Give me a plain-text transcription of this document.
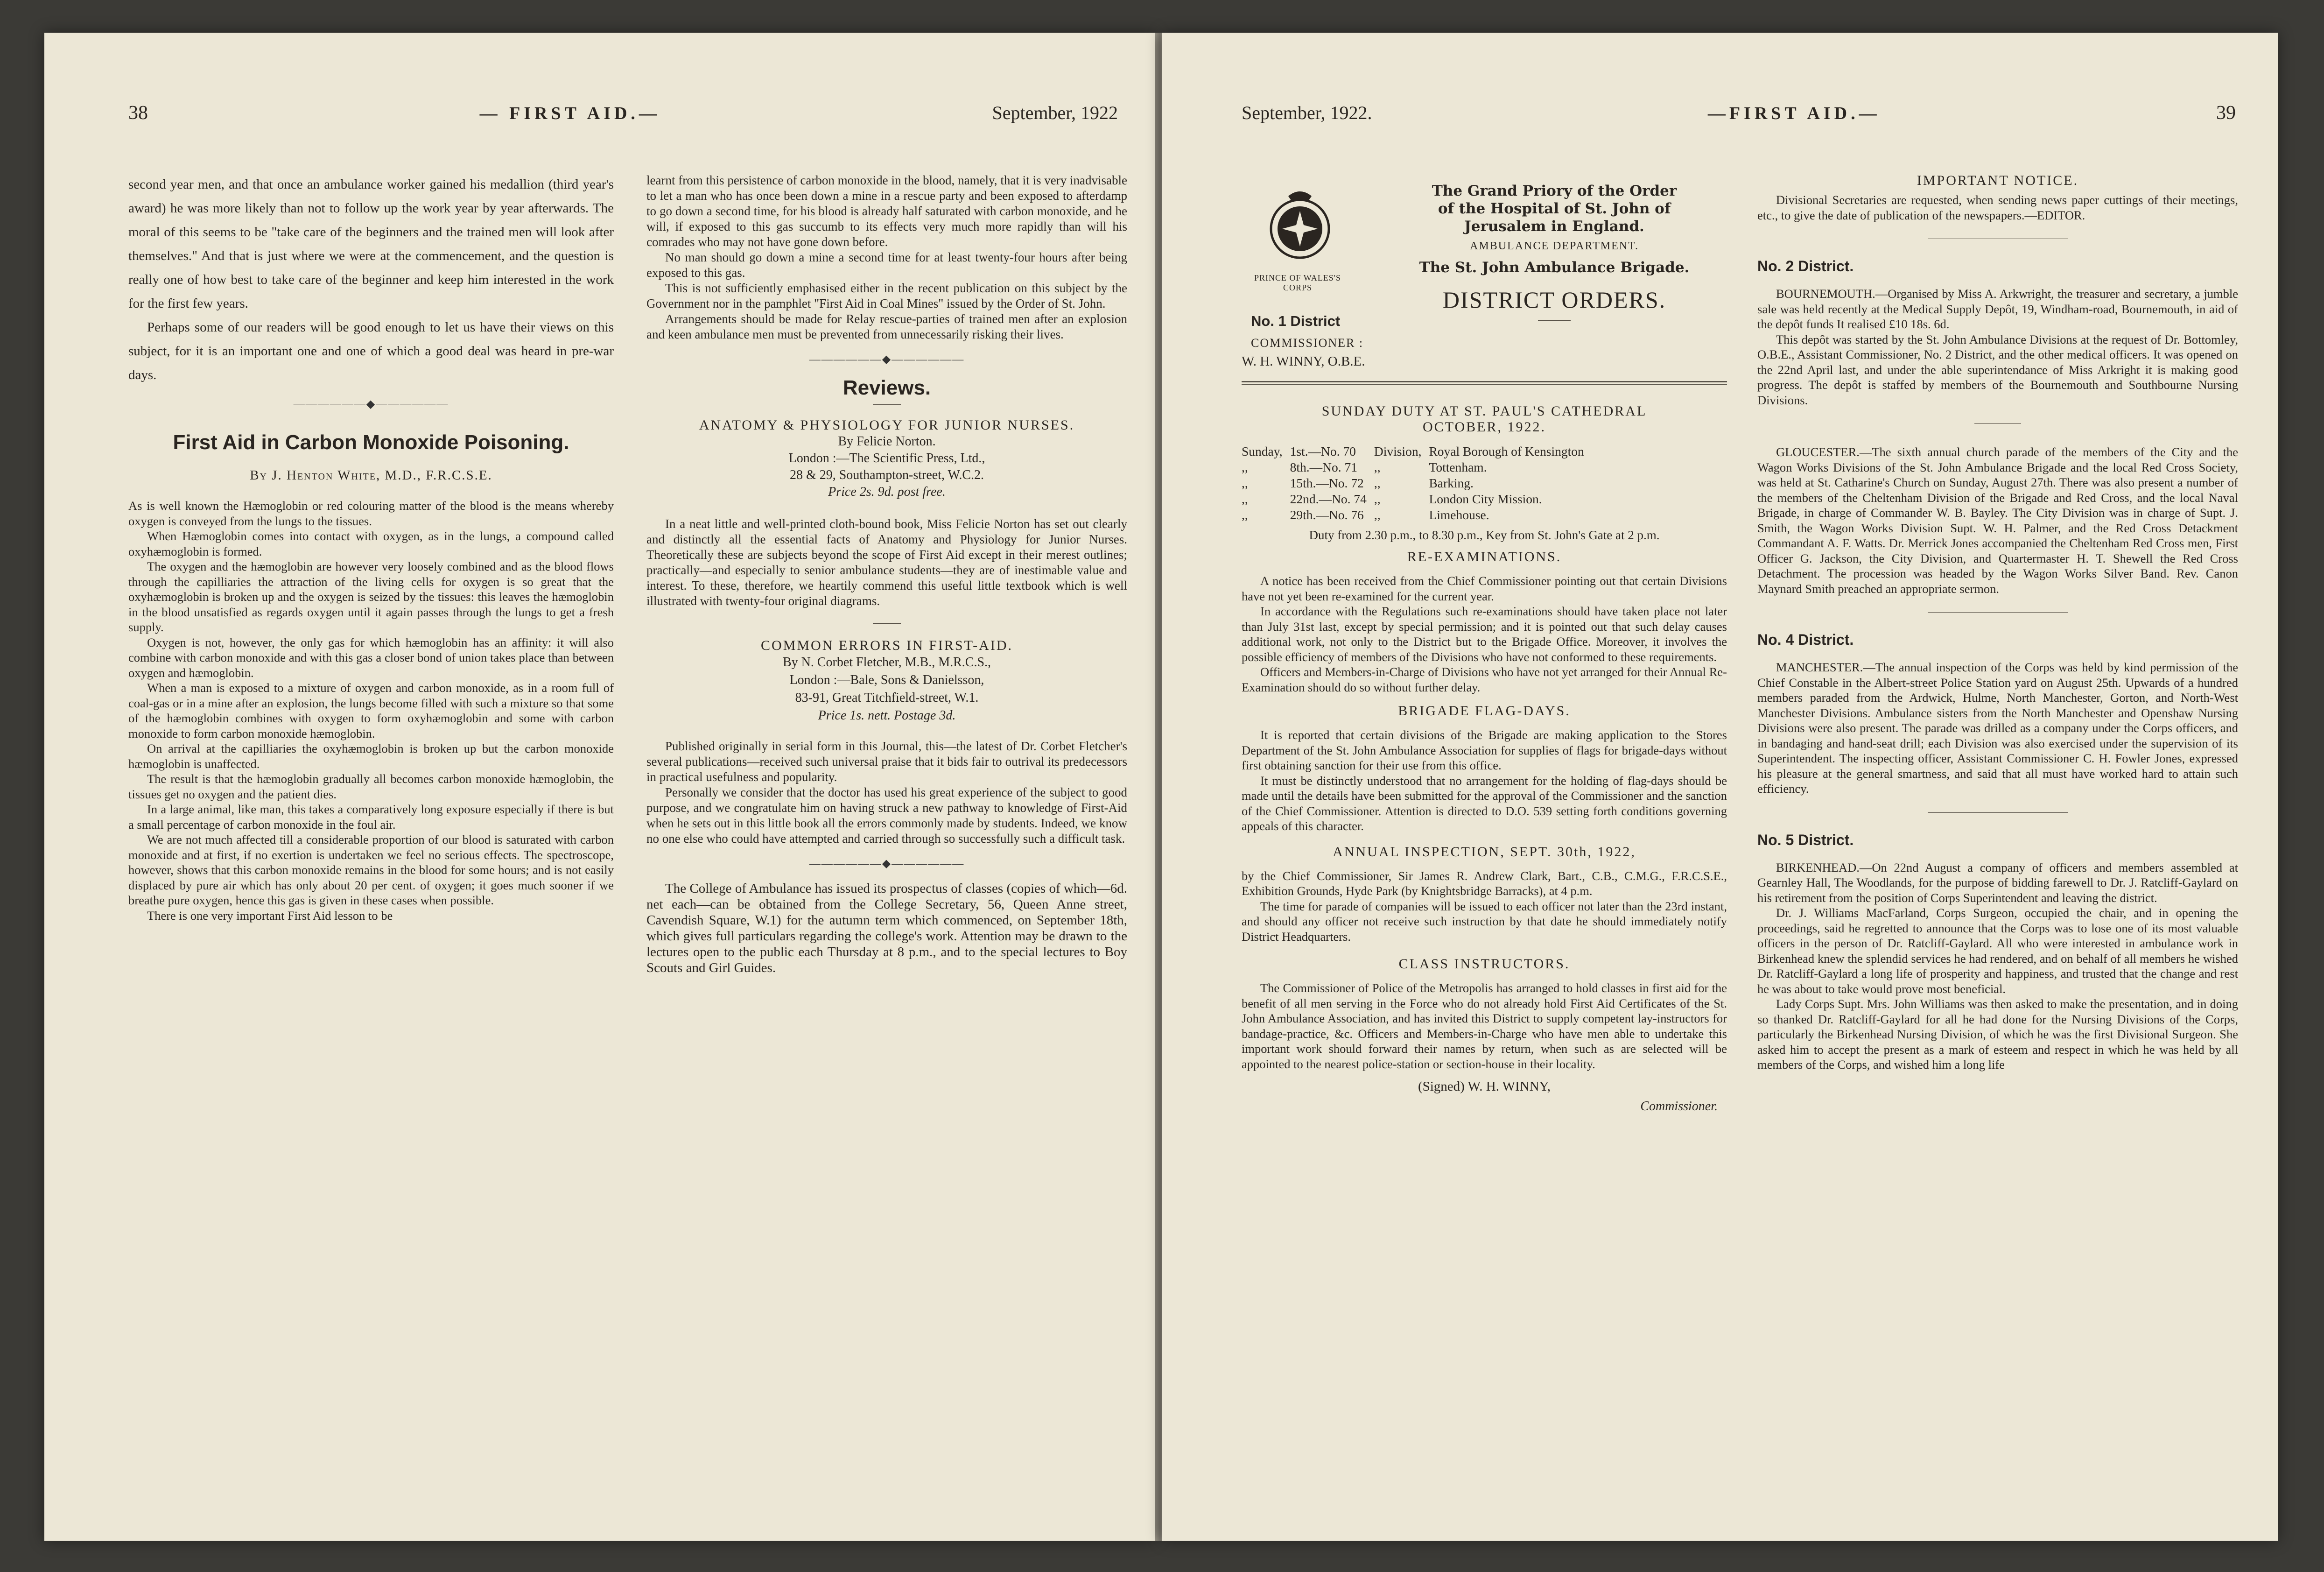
38	— FIRST AID.—	September, 1922

second year men, and that once an ambulance worker gained his medallion (third year's award) he was more likely than not to follow up the work year by year afterwards. The moral of this seems to be "take care of the beginners and the trained men will look after themselves." And that is just where we were at the commencement, and the question is really one of how best to take care of the beginner and keep him interested in the work for the first few years.

Perhaps some of our readers will be good enough to let us have their views on this subject, for it is an important one and one of which a good deal was heard in pre-war days.

——————◆——————
First Aid in Carbon Monoxide Poisoning.

By J. Henton White, M.D., F.R.C.S.E.

As is well known the Hæmoglobin or red colouring matter of the blood is the means whereby oxygen is conveyed from the lungs to the tissues.

When Hæmoglobin comes into contact with oxygen, as in the lungs, a compound called oxyhæmoglobin is formed.

The oxygen and the hæmoglobin are however very loosely combined and as the blood flows through the capilliaries the attraction of the living cells for oxygen is so great that the oxyhæmoglobin is broken up and the oxygen is seized by the tissues: this leaves the hæmoglobin in the blood unsatisfied as regards oxygen until it again passes through the lungs to get a fresh supply.

Oxygen is not, however, the only gas for which hæmoglobin has an affinity: it will also combine with carbon monoxide and with this gas a closer bond of union takes place than between oxygen and hæmoglobin.

When a man is exposed to a mixture of oxygen and carbon monoxide, as in a room full of coal-gas or in a mine after an explosion, the lungs become filled with such a mixture so that some of the hæmoglobin combines with oxygen to form oxyhæmoglobin and some with carbon monoxide to form carbon monoxide hæmoglobin.

On arrival at the capilliaries the oxyhæmoglobin is broken up but the carbon monoxide hæmoglobin is unaffected.

The result is that the hæmoglobin gradually all becomes carbon monoxide hæmoglobin, the tissues get no oxygen and the patient dies.

In a large animal, like man, this takes a comparatively long exposure especially if there is but a small percentage of carbon monoxide in the foul air.

We are not much affected till a considerable proportion of our blood is saturated with carbon monoxide and at first, if no exertion is undertaken we feel no serious effects. The spectroscope, however, shows that this carbon monoxide remains in the blood for some hours; and is not easily displaced by pure air which has only about 20 per cent. of oxygen; it goes much sooner if we breathe pure oxygen, hence this gas is given in these cases when possible.

There is one very important First Aid lesson to be

learnt from this persistence of carbon monoxide in the blood, namely, that it is very inadvisable to let a man who has once been down a mine in a rescue party and been exposed to afterdamp to go down a second time, for his blood is already half saturated with carbon monoxide, and he will, if exposed to this gas succumb to its effects very much more rapidly than will his comrades who may not have gone down before.

No man should go down a mine a second time for at least twenty-four hours after being exposed to this gas.

This is not sufficiently emphasised either in the recent publication on this subject by the Government nor in the pamphlet "First Aid in Coal Mines" issued by the Order of St. John.

Arrangements should be made for Relay rescue-parties of trained men after an explosion and keen ambulance men must be prevented from unnecessarily risking their lives.

——————◆——————
Reviews.

ANATOMY & PHYSIOLOGY FOR JUNIOR NURSES.

By Felicie Norton.

London :—The Scientific Press, Ltd.,

28 & 29, Southampton-street, W.C.2.

Price 2s. 9d. post free.

In a neat little and well-printed cloth-bound book, Miss Felicie Norton has set out clearly and distinctly all the essential facts of Anatomy and Physiology for Junior Nurses. Theoretically these are subjects beyond the scope of First Aid except in their merest outlines; practically—and especially to senior ambulance students—they are of inestimable value and interest. To these, therefore, we heartily commend this useful little textbook which is well illustrated with twenty-four original diagrams.

COMMON ERRORS IN FIRST-AID.

By N. Corbet Fletcher, M.B., M.R.C.S.,

London :—Bale, Sons & Danielsson,

83-91, Great Titchfield-street, W.1.

Price 1s. nett. Postage 3d.

Published originally in serial form in this Journal, this—the latest of Dr. Corbet Fletcher's several publications—received such universal praise that it bids fair to outrival its predecessors in practical usefulness and popularity.

Personally we consider that the doctor has used his great experience of the subject to good purpose, and we congratulate him on having struck a new pathway to knowledge of First-Aid when he sets out in this little book all the errors commonly made by students. Indeed, we know no one else who could have attempted and carried through so successfully such a difficult task.

——————◆——————

The College of Ambulance has issued its prospectus of classes (copies of which—6d. net each—can be obtained from the College Secretary, 56, Queen Anne street, Cavendish Square, W.1) for the autumn term which commenced, on September 18th, which gives full particulars regarding the college's work. Attention may be drawn to the lectures open to the public each Thursday at 8 p.m., and to the special lectures to Boy Scouts and Girl Guides.

September, 1922.	—FIRST AID.—	39
PRINCE OF WALES'S CORPS

The Grand Priory of the Order

of the Hospital of St. John of

Jerusalem in England.

AMBULANCE DEPARTMENT.

The St. John Ambulance Brigade.

DISTRICT ORDERS.

No. 1 District

COMMISSIONER :

W. H. WINNY, O.B.E.

SUNDAY DUTY AT ST. PAUL'S CATHEDRAL

OCTOBER, 1922.

Sunday,	1st.—No. 70	Division,	Royal Borough of Kensington
,,	8th.—No. 71	,,	Tottenham.
,,	15th.—No. 72	,,	Barking.
,,	22nd.—No. 74	,,	London City Mission.
,,	29th.—No. 76	,,	Limehouse.

Duty from 2.30 p.m., to 8.30 p.m., Key from St. John's Gate at 2 p.m.

RE-EXAMINATIONS.

A notice has been received from the Chief Commissioner pointing out that certain Divisions have not yet been re-examined for the current year.

In accordance with the Regulations such re-examinations should have taken place not later than July 31st last, except by special permission; and it is pointed out that such delay causes additional work, not only to the District but to the Brigade Office. Moreover, it involves the possible efficiency of members of the Divisions who have not conformed to these requirements.

Officers and Members-in-Charge of Divisions who have not yet arranged for their Annual Re-Examination should do so without further delay.

BRIGADE FLAG-DAYS.

It is reported that certain divisions of the Brigade are making application to the Stores Department of the St. John Ambulance Association for supplies of flags for brigade-days without first obtaining sanction for their use from this office.

It must be distinctly understood that no arrangement for the holding of flag-days should be made until the details have been submitted for the approval of the Commissioner and the sanction of the Chief Commissioner. Attention is directed to D.O. 539 setting forth conditions governing appeals of this character.

ANNUAL INSPECTION, SEPT. 30th, 1922,

by the Chief Commissioner, Sir James R. Andrew Clark, Bart., C.B., C.M.G., F.R.C.S.E., Exhibition Grounds, Hyde Park (by Knightsbridge Barracks), at 4 p.m.

The time for parade of companies will be issued to each officer not later than the 23rd instant, and should any officer not receive such instruction by that date he should immediately notify District Headquarters.

CLASS INSTRUCTORS.

The Commissioner of Police of the Metropolis has arranged to hold classes in first aid for the benefit of all men serving in the Force who do not already hold First Aid Certificates of the St. John Ambulance Association, and has invited this District to supply competent lay-instructors for bandage-practice, &c. Officers and Members-in-Charge who have men able to undertake this important work should forward their names by return, when such as are selected will be appointed to the nearest police-station or section-house in their locality.

(Signed) W. H. WINNY,

Commissioner.

IMPORTANT NOTICE.

Divisional Secretaries are requested, when sending news paper cuttings of their meetings, etc., to give the date of publication of the newspapers.—EDITOR.

No. 2 District.

BOURNEMOUTH.—Organised by Miss A. Arkwright, the treasurer and secretary, a jumble sale was held recently at the Medical Supply Depôt, 19, Windham-road, Bournemouth, in aid of the depôt funds It realised £10 18s. 6d.

This depôt was started by the St. John Ambulance Divisions at the request of Dr. Bottomley, O.B.E., Assistant Commissioner, No. 2 District, and the other medical officers. It was opened on the 22nd April last, and under the able superintendance of Miss Arkright it is making good progress. The depôt is staffed by members of the Bournemouth and Southbourne Nursing Divisions.

GLOUCESTER.—The sixth annual church parade of the members of the City and the Wagon Works Divisions of the St. John Ambulance Brigade and the local Red Cross Society, was held at St. Catharine's Church on Sunday, August 27th. There was also present a number of the members of the Cheltenham Division of the Brigade and Red Cross, and the local Naval Brigade, in charge of Commander W. B. Bayley. The City Division was in charge of Supt. J. Smith, the Wagon Works Division Supt. W. H. Palmer, and the Red Cross Detackment Commandant A. F. Watts. Dr. Merrick Jones accompanied the Cheltenham Red Cross men, First Officer G. Jackson, the City Division, and Quartermaster H. T. Shewell the Red Cross Detachment. The procession was headed by the Wagon Works Silver Band. Rev. Canon Maynard Smith preached an appropriate sermon.

No. 4 District.

MANCHESTER.—The annual inspection of the Corps was held by kind permission of the Chief Constable in the Albert-street Police Station yard on August 25th. Upwards of a hundred members paraded from the Ardwick, Hulme, North Manchester, Gorton, and North-West Manchester Divisions. Ambulance sisters from the North Manchester and Openshaw Nursing Divisions were also present. The parade was drilled as a company under the Corps officers, and in bandaging and hand-seat drill; each Division was also exercised under the supervision of its Superintendent. The inspecting officer, Assistant Commissioner C. H. Fowler Jones, expressed his pleasure at the general smartness, and said that all must have worked hard to attain such efficiency.

No. 5 District.

BIRKENHEAD.—On 22nd August a company of officers and members assembled at Gearnley Hall, The Woodlands, for the purpose of bidding farewell to Dr. J. Ratcliff-Gaylard on his retirement from the position of Corps Superintendent and leaving the district.

Dr. J. Williams MacFarland, Corps Surgeon, occupied the chair, and in opening the proceedings, said he regretted to announce that the Corps was to lose one of its most valuable officers in the person of Dr. Ratcliff-Gaylard. All who were interested in ambulance work in Birkenhead knew the splendid services he had rendered, and on behalf of all members he wished Dr. Ratcliff-Gaylard a long life of prosperity and happiness, and trusted that the change and rest he was about to take would prove most beneficial.

Lady Corps Supt. Mrs. John Williams was then asked to make the presentation, and in doing so thanked Dr. Ratcliff-Gaylard for all he had done for the Nursing Divisions of the Corps, particularly the Birkenhead Nursing Division, of which he was the first Divisional Surgeon. She asked him to accept the present as a mark of esteem and respect in which he was held by all members of the Corps, and wished him a long life
